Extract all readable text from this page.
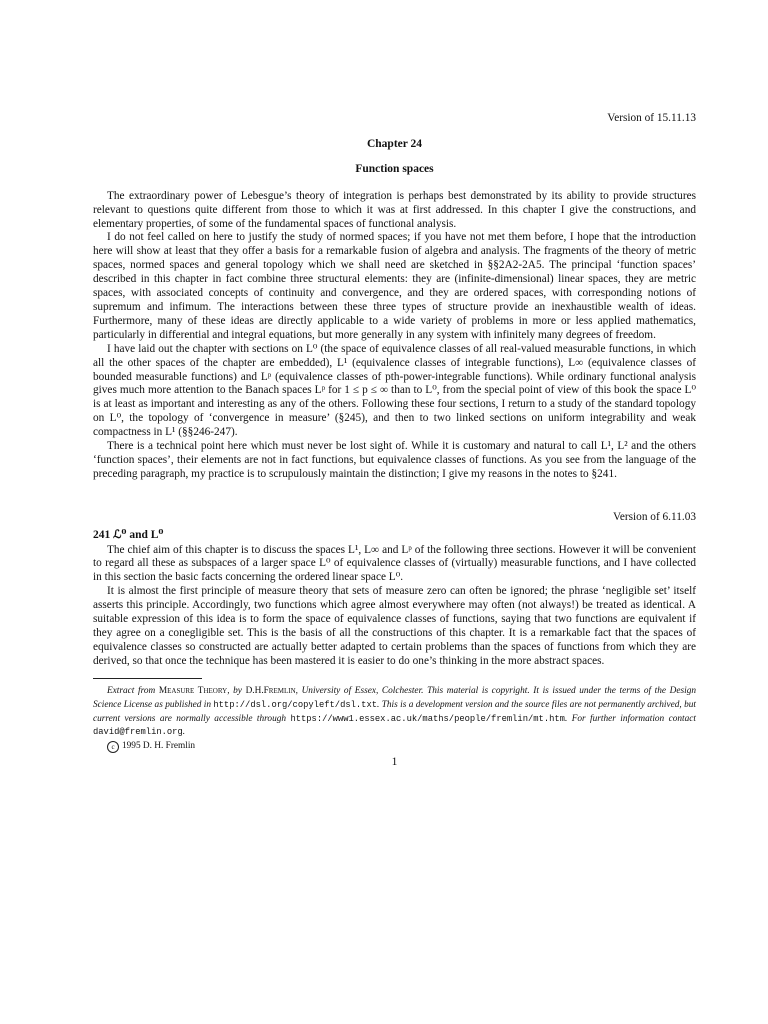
Version of 15.11.13

Chapter 24

Function spaces

The extraordinary power of Lebesgue’s theory of integration is perhaps best demonstrated by its ability to provide structures relevant to questions quite different from those to which it was at first addressed. In this chapter I give the constructions, and elementary properties, of some of the fundamental spaces of functional analysis.

I do not feel called on here to justify the study of normed spaces; if you have not met them before, I hope that the introduction here will show at least that they offer a basis for a remarkable fusion of algebra and analysis. The fragments of the theory of metric spaces, normed spaces and general topology which we shall need are sketched in §§2A2-2A5. The principal ‘function spaces’ described in this chapter in fact combine three structural elements: they are (infinite-dimensional) linear spaces, they are metric spaces, with associated concepts of continuity and convergence, and they are ordered spaces, with corresponding notions of supremum and infimum. The interactions between these three types of structure provide an inexhaustible wealth of ideas. Furthermore, many of these ideas are directly applicable to a wide variety of problems in more or less applied mathematics, particularly in differential and integral equations, but more generally in any system with infinitely many degrees of freedom.

I have laid out the chapter with sections on L⁰ (the space of equivalence classes of all real-valued measurable functions, in which all the other spaces of the chapter are embedded), L¹ (equivalence classes of integrable functions), L∞ (equivalence classes of bounded measurable functions) and Lᵖ (equivalence classes of pth-power-integrable functions). While ordinary functional analysis gives much more attention to the Banach spaces Lᵖ for 1 ≤ p ≤ ∞ than to L⁰, from the special point of view of this book the space L⁰ is at least as important and interesting as any of the others. Following these four sections, I return to a study of the standard topology on L⁰, the topology of ‘convergence in measure’ (§245), and then to two linked sections on uniform integrability and weak compactness in L¹ (§§246-247).

There is a technical point here which must never be lost sight of. While it is customary and natural to call L¹, L² and the others ‘function spaces’, their elements are not in fact functions, but equivalence classes of functions. As you see from the language of the preceding paragraph, my practice is to scrupulously maintain the distinction; I give my reasons in the notes to §241.

Version of 6.11.03

241 ℒ⁰ and L⁰

The chief aim of this chapter is to discuss the spaces L¹, L∞ and Lᵖ of the following three sections. However it will be convenient to regard all these as subspaces of a larger space L⁰ of equivalence classes of (virtually) measurable functions, and I have collected in this section the basic facts concerning the ordered linear space L⁰.

It is almost the first principle of measure theory that sets of measure zero can often be ignored; the phrase ‘negligible set’ itself asserts this principle. Accordingly, two functions which agree almost everywhere may often (not always!) be treated as identical. A suitable expression of this idea is to form the space of equivalence classes of functions, saying that two functions are equivalent if they agree on a conegligible set. This is the basis of all the constructions of this chapter. It is a remarkable fact that the spaces of equivalence classes so constructed are actually better adapted to certain problems than the spaces of functions from which they are derived, so that once the technique has been mastered it is easier to do one’s thinking in the more abstract spaces.

Extract from Measure Theory, by D.H.Fremlin, University of Essex, Colchester. This material is copyright. It is issued under the terms of the Design Science License as published in http://dsl.org/copyleft/dsl.txt. This is a development version and the source files are not permanently archived, but current versions are normally accessible through https://www1.essex.ac.uk/maths/people/fremlin/mt.htm. For further information contact david@fremlin.org.

c 1995 D. H. Fremlin

1
